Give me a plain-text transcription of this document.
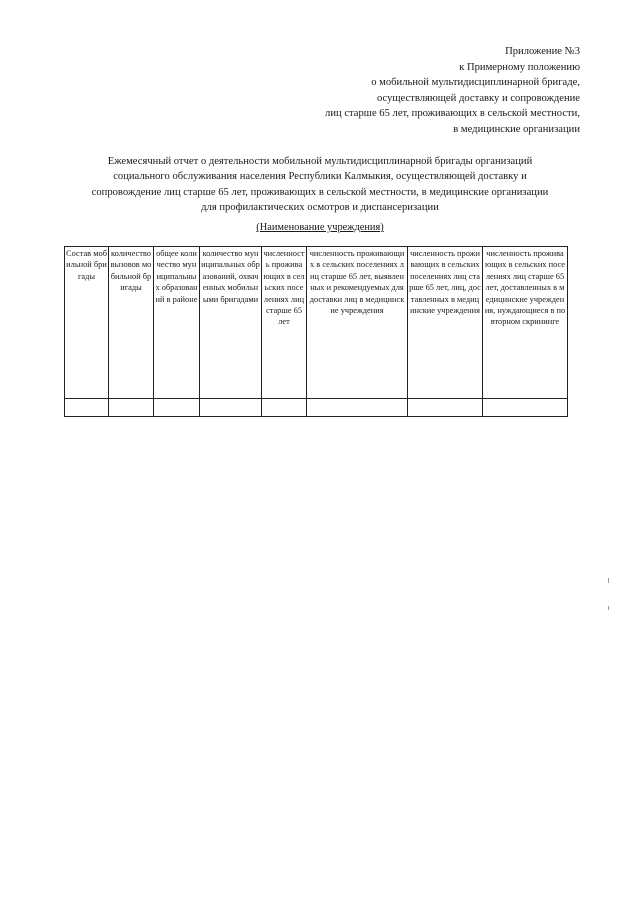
Приложение №3
к Примерному положению
о мобильной мультидисциплинарной бригаде,
осуществляющей доставку и сопровождение
лиц старше 65 лет, проживающих в сельской местности,
в медицинские организации
Ежемесячный отчет о деятельности мобильной мультидисциплинарной бригады организаций
социального обслуживания населения Республики Калмыкия, осуществляющей доставку и
сопровождение лиц старше 65 лет, проживающих в сельской местности, в медицинские организации
для профилактических осмотров и диспансеризации
(Наименование учреждения)
Состав мобильной бригады	количество вызовов мобильной бригады	общее количество муниципальных образований в районе	количество муниципальных образований, охваченных мобильными бригадами	численность проживающих в сельских поселениях лиц старше 65 лет	численность проживающих в сельских поселениях лиц старше 65 лет, выявленных и рекомендуемых для доставки лиц в медицинские учреждения	численность проживающих в сельских поселениях лиц старше 65 лет, лиц, доставленных в медицинские учреждения	численность проживающих в сельских поселениях лиц старше 65 лет, доставленных в медицинские учреждения, нуждающиеся в повторном скрининге
